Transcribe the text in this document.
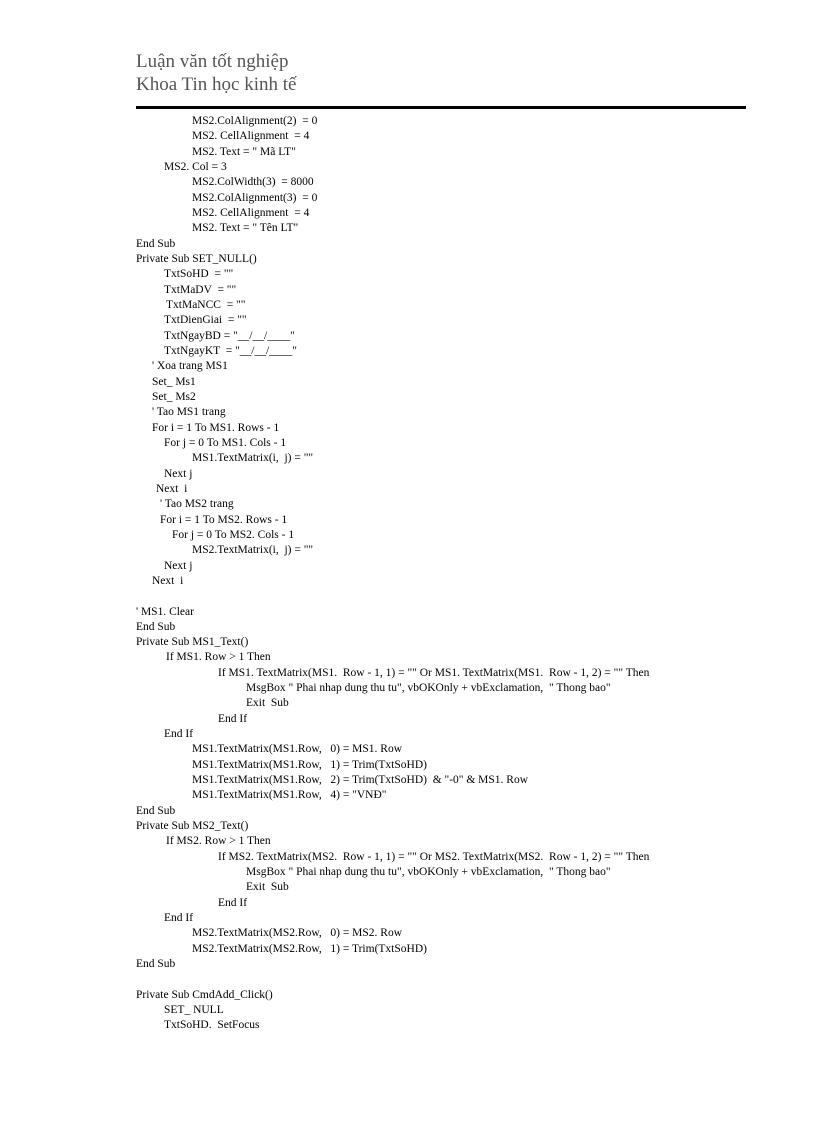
Luận văn tốt nghiệp
Khoa Tin học kinh tế
MS2.ColAlignment(2)  = 0
MS2. CellAlignment  = 4
MS2. Text = " Mã LT"
MS2. Col = 3
MS2.ColWidth(3)  = 8000
MS2.ColAlignment(3)  = 0
MS2. CellAlignment  = 4
MS2. Text = " Tên LT"
End Sub
Private Sub SET_NULL()
TxtSoHD  = ""
TxtMaDV  = ""
TxtMaNCC  = ""
TxtDienGiai  = ""
TxtNgayBD = "__/__/____"
TxtNgayKT  = "__/__/____"
' Xoa trang MS1
Set_ Ms1
Set_ Ms2
' Tao MS1 trang
For i = 1 To MS1. Rows - 1
For j = 0 To MS1. Cols - 1
MS1.TextMatrix(i,  j) = ""
Next j
Next  i
' Tao MS2 trang
For i = 1 To MS2. Rows - 1
For j = 0 To MS2. Cols - 1
MS2.TextMatrix(i,  j) = ""
Next j
Next  i
' MS1. Clear
End Sub
Private Sub MS1_Text()
If MS1. Row > 1 Then
If MS1. TextMatrix(MS1.  Row - 1, 1) = "" Or MS1. TextMatrix(MS1.  Row - 1, 2) = "" Then
MsgBox " Phai nhap dung thu tu", vbOKOnly + vbExclamation,  " Thong bao"
Exit  Sub
End If
End If
MS1.TextMatrix(MS1.Row,   0) = MS1. Row
MS1.TextMatrix(MS1.Row,   1) = Trim(TxtSoHD)
MS1.TextMatrix(MS1.Row,   2) = Trim(TxtSoHD)  & "-0" & MS1. Row
MS1.TextMatrix(MS1.Row,   4) = "VNĐ"
End Sub
Private Sub MS2_Text()
If MS2. Row > 1 Then
If MS2. TextMatrix(MS2.  Row - 1, 1) = "" Or MS2. TextMatrix(MS2.  Row - 1, 2) = "" Then
MsgBox " Phai nhap dung thu tu", vbOKOnly + vbExclamation,  " Thong bao"
Exit  Sub
End If
End If
MS2.TextMatrix(MS2.Row,   0) = MS2. Row
MS2.TextMatrix(MS2.Row,   1) = Trim(TxtSoHD)
End Sub
Private Sub CmdAdd_Click()
SET_ NULL
TxtSoHD.  SetFocus
